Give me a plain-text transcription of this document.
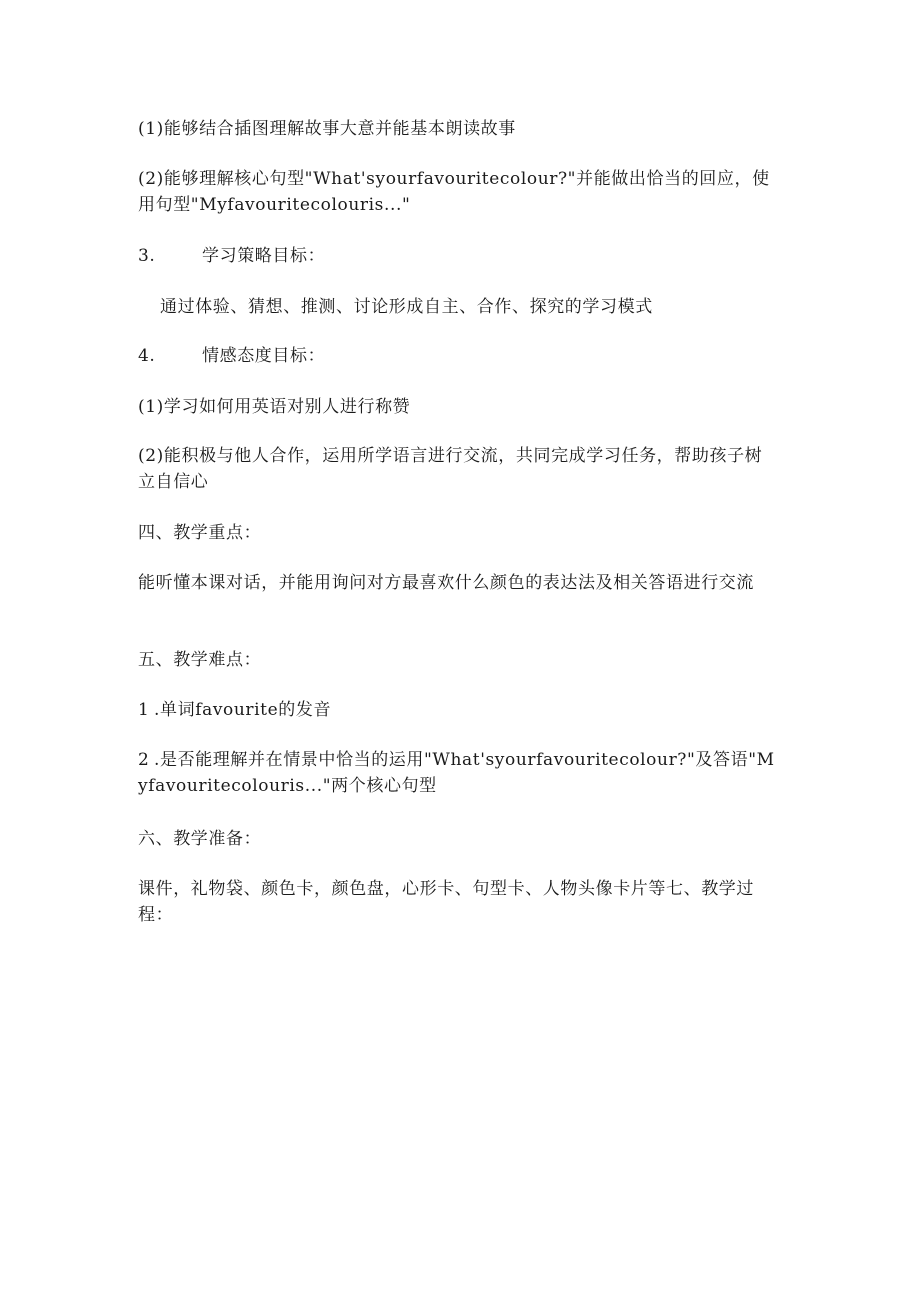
(1)能够结合插图理解故事大意并能基本朗读故事
(2)能够理解核心句型"What'syourfavouritecolour?"并能做出恰当的回应，使用句型"Myfavouritecolouris..."
3.	学习策略目标：
通过体验、猜想、推测、讨论形成自主、合作、探究的学习模式
4.	情感态度目标：
(1)学习如何用英语对别人进行称赞
(2)能积极与他人合作，运用所学语言进行交流，共同完成学习任务，帮助孩子树立自信心
四、教学重点：
能听懂本课对话，并能用询问对方最喜欢什么颜色的表达法及相关答语进行交流
五、教学难点：
1 .单词favourite的发音
2 .是否能理解并在情景中恰当的运用"What'syourfavouritecolour?"及答语"Myfavouritecolouris..."两个核心句型
六、教学准备：
课件，礼物袋、颜色卡，颜色盘，心形卡、句型卡、人物头像卡片等七、教学过程：
